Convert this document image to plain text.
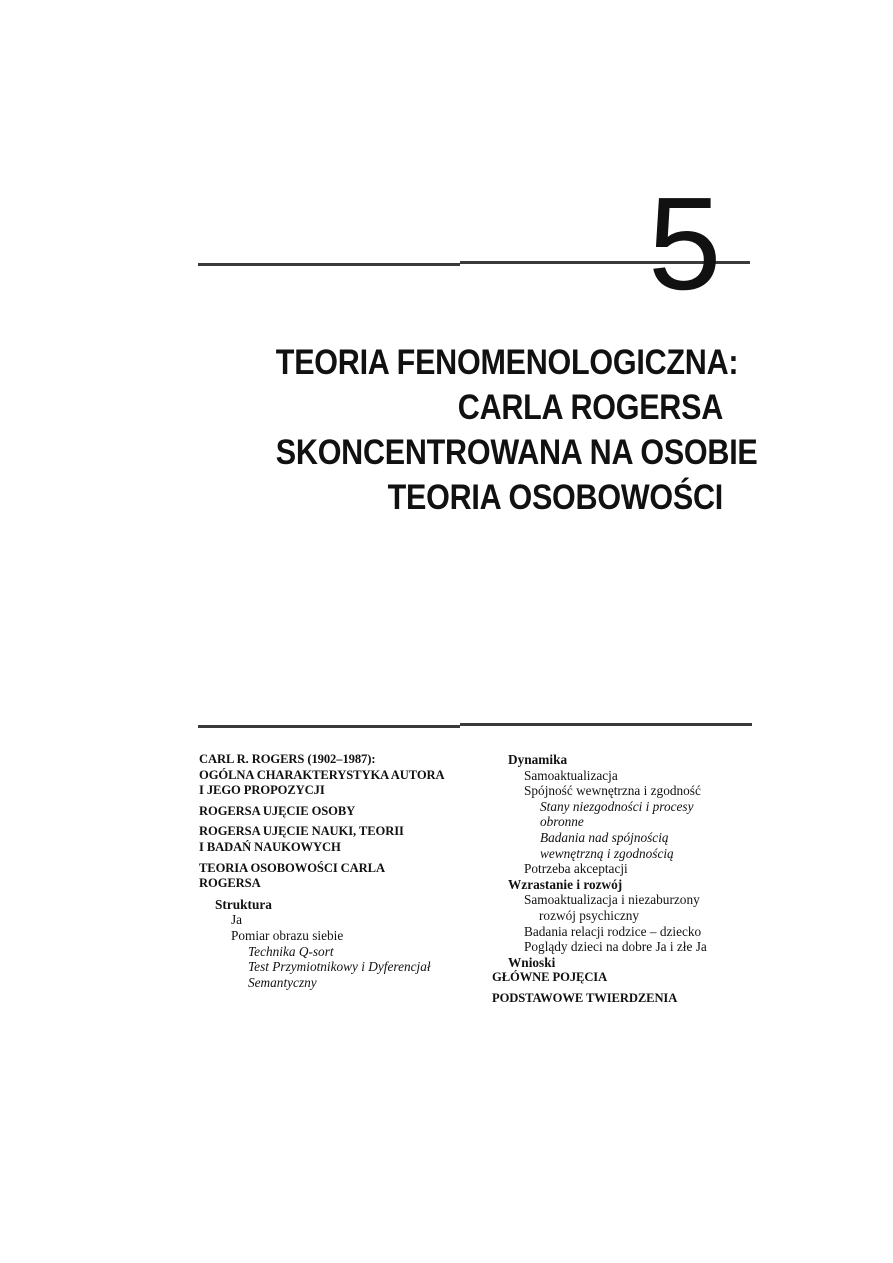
5
TEORIA FENOMENOLOGICZNA:
CARLA ROGERSA
SKONCENTROWANA NA OSOBIE
TEORIA OSOBOWOŚCI
CARL R. ROGERS (1902–1987):
OGÓLNA CHARAKTERYSTYKA AUTORA
I JEGO PROPOZYCJI
ROGERSA UJĘCIE OSOBY
ROGERSA UJĘCIE NAUKI, TEORII
I BADAŃ NAUKOWYCH
TEORIA OSOBOWOŚCI CARLA
ROGERSA
Struktura
Ja
Pomiar obrazu siebie
Technika Q-sort
Test Przymiotnikowy i Dyferencjał
Semantyczny
Dynamika
Samoaktualizacja
Spójność wewnętrzna i zgodność
Stany niezgodności i procesy
obronne
Badania nad spójnością
wewnętrzną i zgodnością
Potrzeba akceptacji
Wzrastanie i rozwój
Samoaktualizacja i niezaburzony
rozwój psychiczny
Badania relacji rodzice – dziecko
Poglądy dzieci na dobre Ja i złe Ja
Wnioski
GŁÓWNE POJĘCIA
PODSTAWOWE TWIERDZENIA
